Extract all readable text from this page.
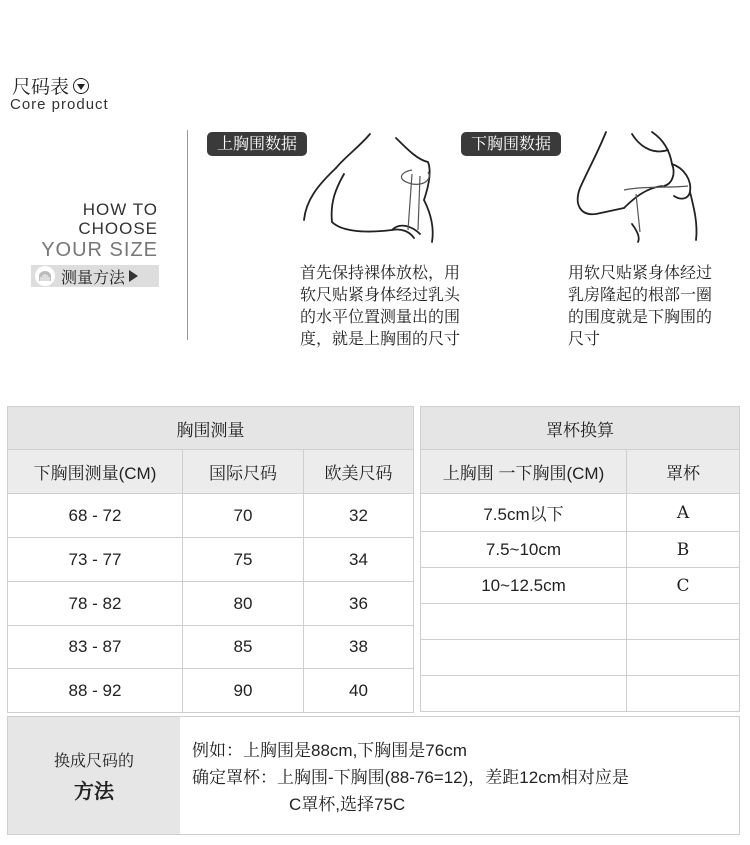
尺码表
Core product
HOW TO
CHOOSE
YOUR SIZE
测量方法
上胸围数据
首先保持裸体放松，用
软尺贴紧身体经过乳头
的水平位置测量出的围
度，就是上胸围的尺寸
下胸围数据
用软尺贴紧身体经过
乳房隆起的根部一圈
的围度就是下胸围的
尺寸
胸围测量		
下胸围测量(CM)	国际尺码	欧美尺码
68 - 72	70	32
73 - 77	75	34
78 - 82	80	36
83 - 87	85	38
88 - 92	90	40
罩杯换算	
上胸围 一下胸围(CM)	罩杯
7.5cm以下	A
7.5~10cm	B
10~12.5cm	C

换成尺码的
方法
例如：上胸围是88cm,下胸围是76cm
确定罩杯：上胸围-下胸围(88-76=12)，差距12cm相对应是
C罩杯,选择75C
